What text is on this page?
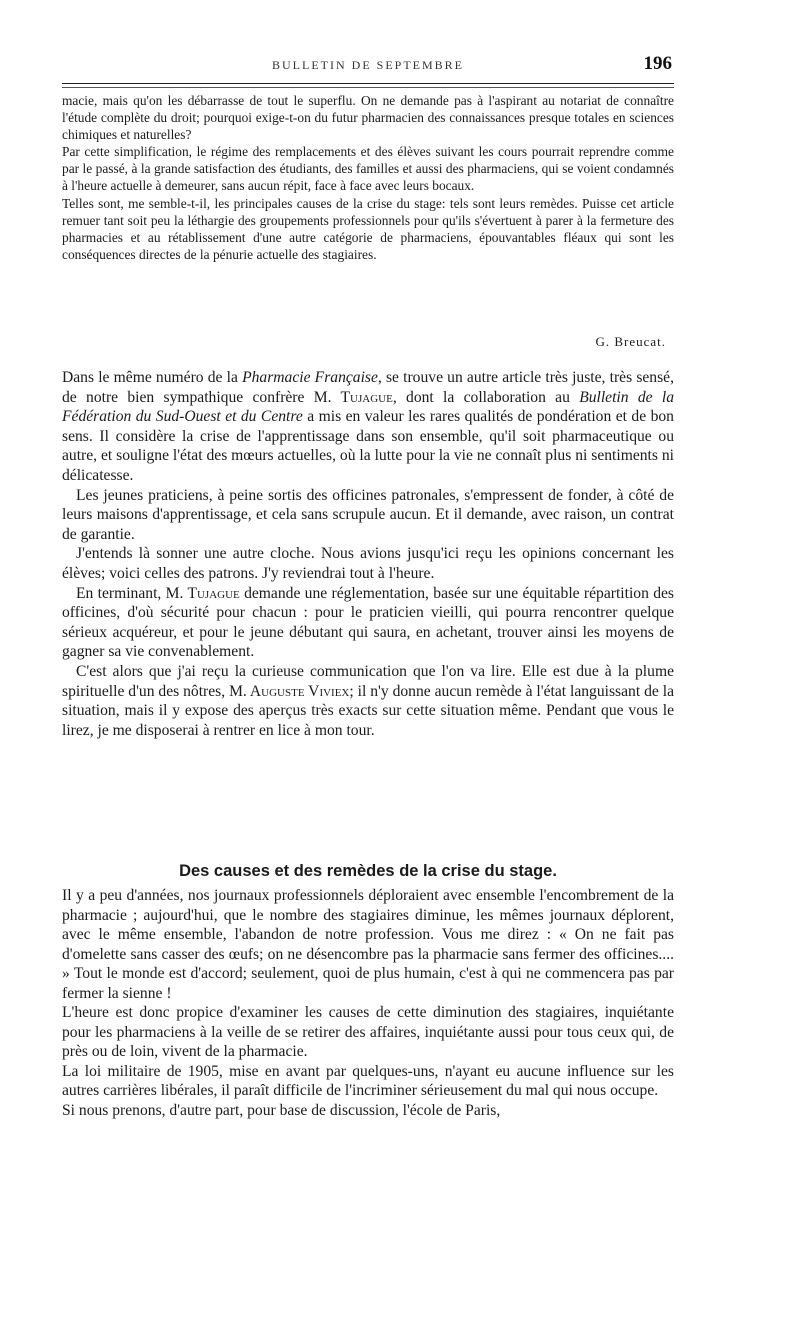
BULLETIN DE SEPTEMBRE	196

macie, mais qu'on les débarrasse de tout le superflu. On ne demande pas à l'aspirant au notariat de connaître l'étude complète du droit; pourquoi exige-t-on du futur pharmacien des connaissances presque totales en sciences chimiques et naturelles?

Par cette simplification, le régime des remplacements et des élèves suivant les cours pourrait reprendre comme par le passé, à la grande satisfaction des étudiants, des familles et aussi des pharmaciens, qui se voient condamnés à l'heure actuelle à demeurer, sans aucun répit, face à face avec leurs bocaux.

Telles sont, me semble-t-il, les principales causes de la crise du stage: tels sont leurs remèdes. Puisse cet article remuer tant soit peu la léthargie des groupements professionnels pour qu'ils s'évertuent à parer à la fermeture des pharmacies et au rétablissement d'une autre catégorie de pharmaciens, épouvantables fléaux qui sont les conséquences directes de la pénurie actuelle des stagiaires.

G. Breucat.

Dans le même numéro de la Pharmacie Française, se trouve un autre article très juste, très sensé, de notre bien sympathique confrère M. Tujague, dont la collaboration au Bulletin de la Fédération du Sud-Ouest et du Centre a mis en valeur les rares qualités de pondération et de bon sens. Il considère la crise de l'apprentissage dans son ensemble, qu'il soit pharmaceutique ou autre, et souligne l'état des mœurs actuelles, où la lutte pour la vie ne connaît plus ni sentiments ni délicatesse.

Les jeunes praticiens, à peine sortis des officines patronales, s'empressent de fonder, à côté de leurs maisons d'apprentissage, et cela sans scrupule aucun. Et il demande, avec raison, un contrat de garantie.

J'entends là sonner une autre cloche. Nous avions jusqu'ici reçu les opinions concernant les élèves; voici celles des patrons. J'y reviendrai tout à l'heure.

En terminant, M. Tujague demande une réglementation, basée sur une équitable répartition des officines, d'où sécurité pour chacun : pour le praticien vieilli, qui pourra rencontrer quelque sérieux acquéreur, et pour le jeune débutant qui saura, en achetant, trouver ainsi les moyens de gagner sa vie convenablement.

C'est alors que j'ai reçu la curieuse communication que l'on va lire. Elle est due à la plume spirituelle d'un des nôtres, M. Auguste Viviex; il n'y donne aucun remède à l'état languissant de la situation, mais il y expose des aperçus très exacts sur cette situation même. Pendant que vous le lirez, je me disposerai à rentrer en lice à mon tour.

Des causes et des remèdes de la crise du stage.

Il y a peu d'années, nos journaux professionnels déploraient avec ensemble l'encombrement de la pharmacie ; aujourd'hui, que le nombre des stagiaires diminue, les mêmes journaux déplorent, avec le même ensemble, l'abandon de notre profession. Vous me direz : « On ne fait pas d'omelette sans casser des œufs; on ne désencombre pas la pharmacie sans fermer des officines.... » Tout le monde est d'accord; seulement, quoi de plus humain, c'est à qui ne commencera pas par fermer la sienne !

L'heure est donc propice d'examiner les causes de cette diminution des stagiaires, inquiétante pour les pharmaciens à la veille de se retirer des affaires, inquiétante aussi pour tous ceux qui, de près ou de loin, vivent de la pharmacie.

La loi militaire de 1905, mise en avant par quelques-uns, n'ayant eu aucune influence sur les autres carrières libérales, il paraît difficile de l'incriminer sérieusement du mal qui nous occupe.

Si nous prenons, d'autre part, pour base de discussion, l'école de Paris,
